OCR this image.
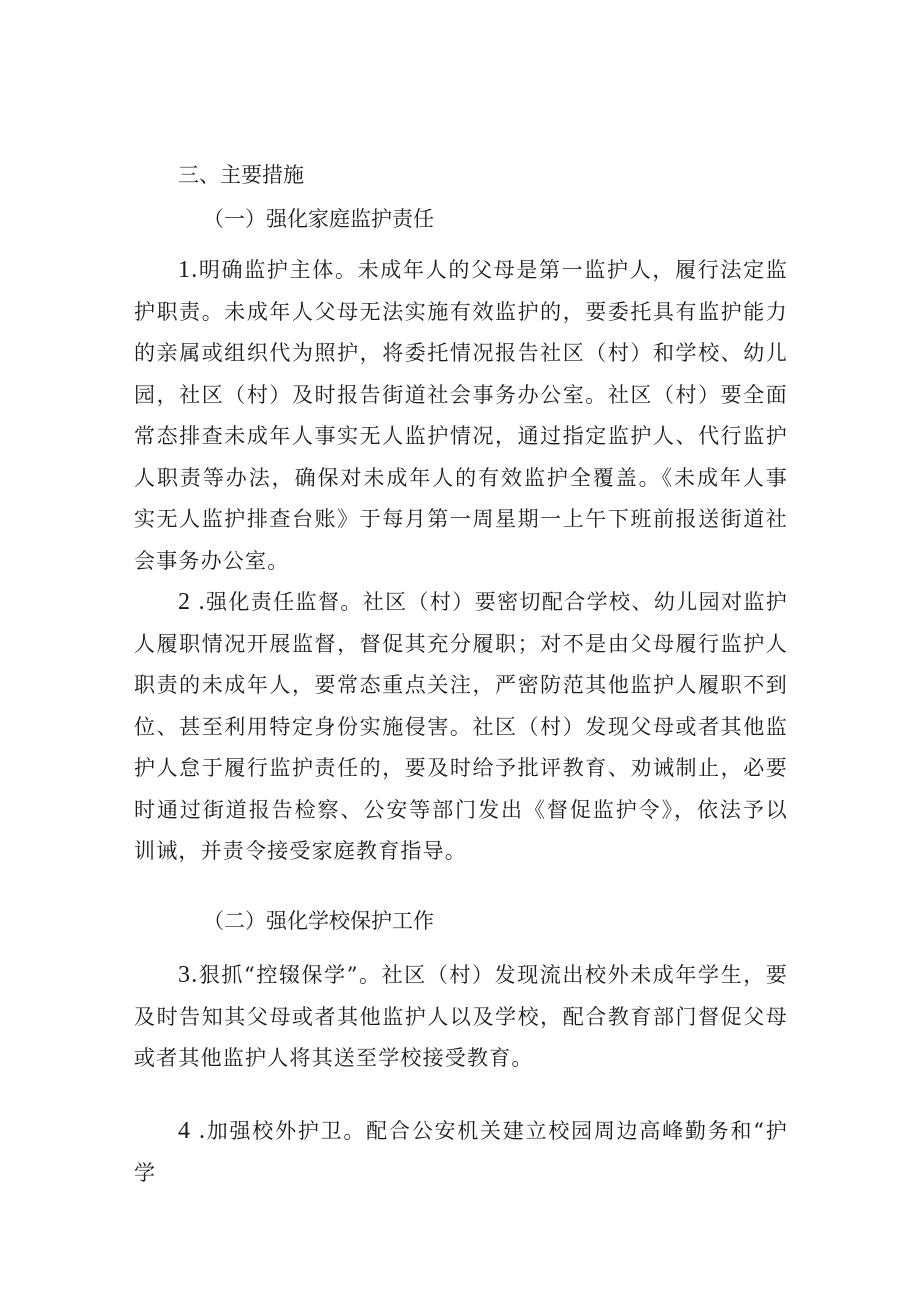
三、主要措施
（一）强化家庭监护责任

1.明确监护主体。未成年人的父母是第一监护人，履行法定监护职责。未成年人父母无法实施有效监护的，要委托具有监护能力的亲属或组织代为照护，将委托情况报告社区（村）和学校、幼儿园，社区（村）及时报告街道社会事务办公室。社区（村）要全面常态排查未成年人事实无人监护情况，通过指定监护人、代行监护人职责等办法，确保对未成年人的有效监护全覆盖。《未成年人事实无人监护排查台账》于每月第一周星期一上午下班前报送街道社会事务办公室。

2 .强化责任监督。社区（村）要密切配合学校、幼儿园对监护人履职情况开展监督，督促其充分履职；对不是由父母履行监护人职责的未成年人，要常态重点关注，严密防范其他监护人履职不到位、甚至利用特定身份实施侵害。社区（村）发现父母或者其他监护人怠于履行监护责任的，要及时给予批评教育、劝诫制止，必要时通过街道报告检察、公安等部门发出《督促监护令》，依法予以训诫，并责令接受家庭教育指导。

（二）强化学校保护工作

3.狠抓“控辍保学”。社区（村）发现流出校外未成年学生，要及时告知其父母或者其他监护人以及学校，配合教育部门督促父母或者其他监护人将其送至学校接受教育。

4 .加强校外护卫。配合公安机关建立校园周边高峰勤务和“护学
